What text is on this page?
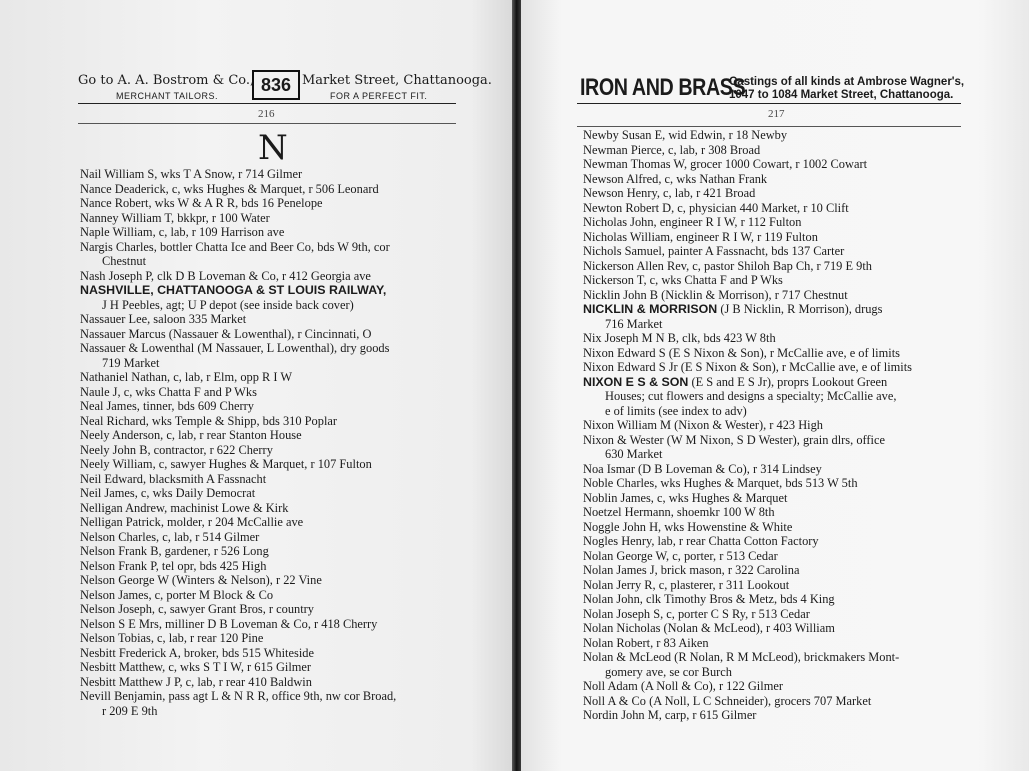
Go to A. A. Bostrom & Co.,
MERCHANT TAILORS.
836 Market Street, Chattanooga.
FOR A PERFECT FIT.
216
N
Nail William S, wks T A Snow, r 714 Gilmer
Nance Deaderick, c, wks Hughes & Marquet, r 506 Leonard
Nance Robert, wks W & A R R, bds 16 Penelope
Nanney William T, bkkpr, r 100 Water
Naple William, c, lab, r 109 Harrison ave
Nargis Charles, bottler Chatta Ice and Beer Co, bds W 9th, cor
Chestnut
Nash Joseph P, clk D B Loveman & Co, r 412 Georgia ave
NASHVILLE, CHATTANOOGA & ST LOUIS RAILWAY,
J H Peebles, agt; U P depot (see inside back cover)
Nassauer Lee, saloon 335 Market
Nassauer Marcus (Nassauer & Lowenthal), r Cincinnati, O
Nassauer & Lowenthal (M Nassauer, L Lowenthal), dry goods
719 Market
Nathaniel Nathan, c, lab, r Elm, opp R I W
Naule J, c, wks Chatta F and P Wks
Neal James, tinner, bds 609 Cherry
Neal Richard, wks Temple & Shipp, bds 310 Poplar
Neely Anderson, c, lab, r rear Stanton House
Neely John B, contractor, r 622 Cherry
Neely William, c, sawyer Hughes & Marquet, r 107 Fulton
Neil Edward, blacksmith A Fassnacht
Neil James, c, wks Daily Democrat
Nelligan Andrew, machinist Lowe & Kirk
Nelligan Patrick, molder, r 204 McCallie ave
Nelson Charles, c, lab, r 514 Gilmer
Nelson Frank B, gardener, r 526 Long
Nelson Frank P, tel opr, bds 425 High
Nelson George W (Winters & Nelson), r 22 Vine
Nelson James, c, porter M Block & Co
Nelson Joseph, c, sawyer Grant Bros, r country
Nelson S E Mrs, milliner D B Loveman & Co, r 418 Cherry
Nelson Tobias, c, lab, r rear 120 Pine
Nesbitt Frederick A, broker, bds 515 Whiteside
Nesbitt Matthew, c, wks S T I W, r 615 Gilmer
Nesbitt Matthew J P, c, lab, r rear 410 Baldwin
Nevill Benjamin, pass agt L & N R R, office 9th, nw cor Broad,
r 209 E 9th
IRON AND BRASS
Castings of all kinds at Ambrose Wagner's,
1047 to 1084 Market Street, Chattanooga.
217
Newby Susan E, wid Edwin, r 18 Newby
Newman Pierce, c, lab, r 308 Broad
Newman Thomas W, grocer 1000 Cowart, r 1002 Cowart
Newson Alfred, c, wks Nathan Frank
Newson Henry, c, lab, r 421 Broad
Newton Robert D, c, physician 440 Market, r 10 Clift
Nicholas John, engineer R I W, r 112 Fulton
Nicholas William, engineer R I W, r 119 Fulton
Nichols Samuel, painter A Fassnacht, bds 137 Carter
Nickerson Allen Rev, c, pastor Shiloh Bap Ch, r 719 E 9th
Nickerson T, c, wks Chatta F and P Wks
Nicklin John B (Nicklin & Morrison), r 717 Chestnut
NICKLIN & MORRISON (J B Nicklin, R Morrison), drugs
716 Market
Nix Joseph M N B, clk, bds 423 W 8th
Nixon Edward S (E S Nixon & Son), r McCallie ave, e of limits
Nixon Edward S Jr (E S Nixon & Son), r McCallie ave, e of limits
NIXON E S & SON (E S and E S Jr), proprs Lookout Green
Houses; cut flowers and designs a specialty; McCallie ave,
e of limits (see index to adv)
Nixon William M (Nixon & Wester), r 423 High
Nixon & Wester (W M Nixon, S D Wester), grain dlrs, office
630 Market
Noa Ismar (D B Loveman & Co), r 314 Lindsey
Noble Charles, wks Hughes & Marquet, bds 513 W 5th
Noblin James, c, wks Hughes & Marquet
Noetzel Hermann, shoemkr 100 W 8th
Noggle John H, wks Howenstine & White
Nogles Henry, lab, r rear Chatta Cotton Factory
Nolan George W, c, porter, r 513 Cedar
Nolan James J, brick mason, r 322 Carolina
Nolan Jerry R, c, plasterer, r 311 Lookout
Nolan John, clk Timothy Bros & Metz, bds 4 King
Nolan Joseph S, c, porter C S Ry, r 513 Cedar
Nolan Nicholas (Nolan & McLeod), r 403 William
Nolan Robert, r 83 Aiken
Nolan & McLeod (R Nolan, R M McLeod), brickmakers Mont-
gomery ave, se cor Burch
Noll Adam (A Noll & Co), r 122 Gilmer
Noll A & Co (A Noll, L C Schneider), grocers 707 Market
Nordin John M, carp, r 615 Gilmer
